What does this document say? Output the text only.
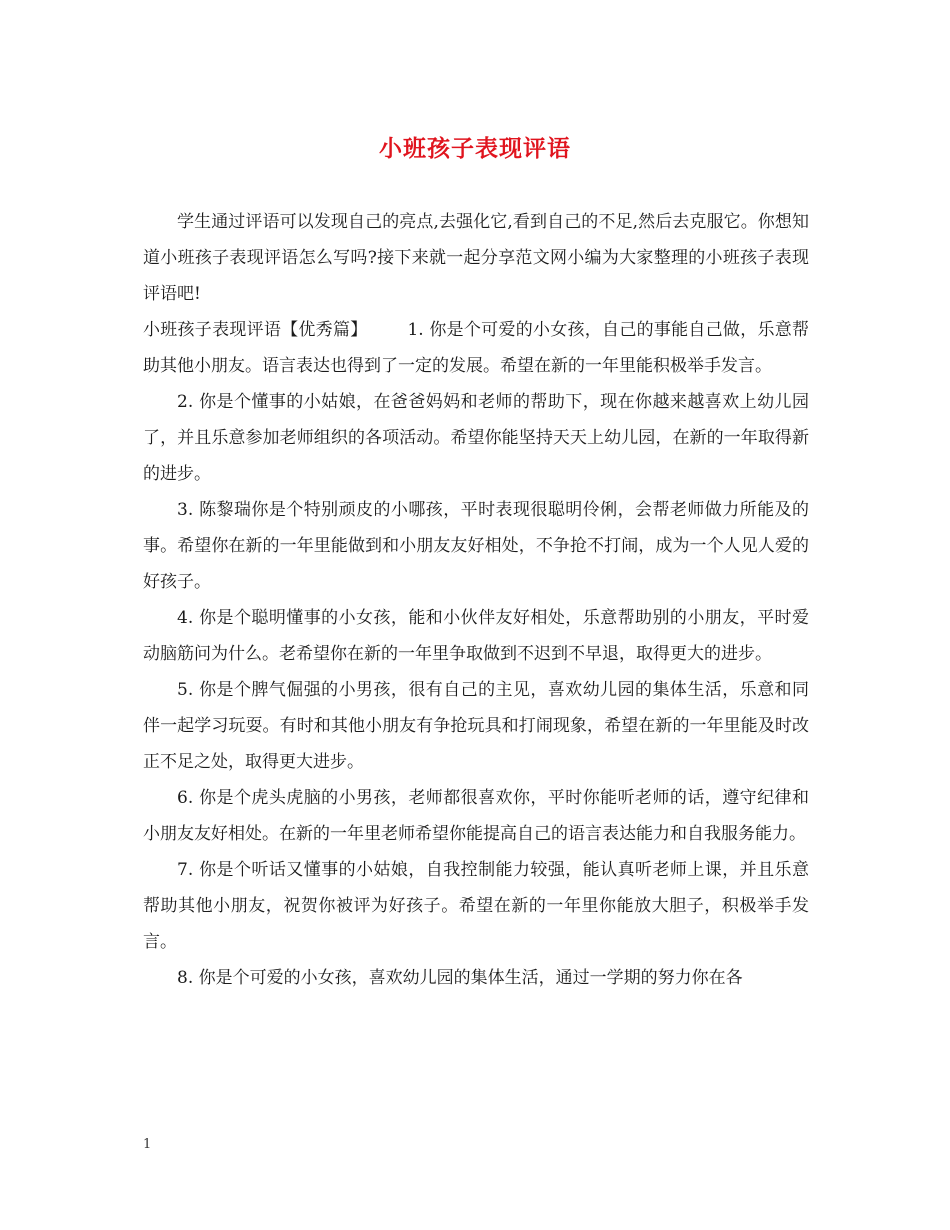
小班孩子表现评语

学生通过评语可以发现自己的亮点,去强化它,看到自己的不足,然后去克服它。你想知道小班孩子表现评语怎么写吗?接下来就一起分享范文网小编为大家整理的小班孩子表现评语吧!

小班孩子表现评语【优秀篇】 1. 你是个可爱的小女孩，自己的事能自己做，乐意帮助其他小朋友。语言表达也得到了一定的发展。希望在新的一年里能积极举手发言。

2. 你是个懂事的小姑娘，在爸爸妈妈和老师的帮助下，现在你越来越喜欢上幼儿园了，并且乐意参加老师组织的各项活动。希望你能坚持天天上幼儿园，在新的一年取得新的进步。

3. 陈黎瑞你是个特别顽皮的小哪孩，平时表现很聪明伶俐，会帮老师做力所能及的事。希望你在新的一年里能做到和小朋友友好相处，不争抢不打闹，成为一个人见人爱的好孩子。

4. 你是个聪明懂事的小女孩，能和小伙伴友好相处，乐意帮助别的小朋友，平时爱动脑筋问为什么。老希望你在新的一年里争取做到不迟到不早退，取得更大的进步。

5. 你是个脾气倔强的小男孩，很有自己的主见，喜欢幼儿园的集体生活，乐意和同伴一起学习玩耍。有时和其他小朋友有争抢玩具和打闹现象，希望在新的一年里能及时改正不足之处，取得更大进步。

6. 你是个虎头虎脑的小男孩，老师都很喜欢你，平时你能听老师的话，遵守纪律和小朋友友好相处。在新的一年里老师希望你能提高自己的语言表达能力和自我服务能力。

7. 你是个听话又懂事的小姑娘，自我控制能力较强，能认真听老师上课，并且乐意帮助其他小朋友，祝贺你被评为好孩子。希望在新的一年里你能放大胆子，积极举手发言。

8. 你是个可爱的小女孩，喜欢幼儿园的集体生活，通过一学期的努力你在各

1
